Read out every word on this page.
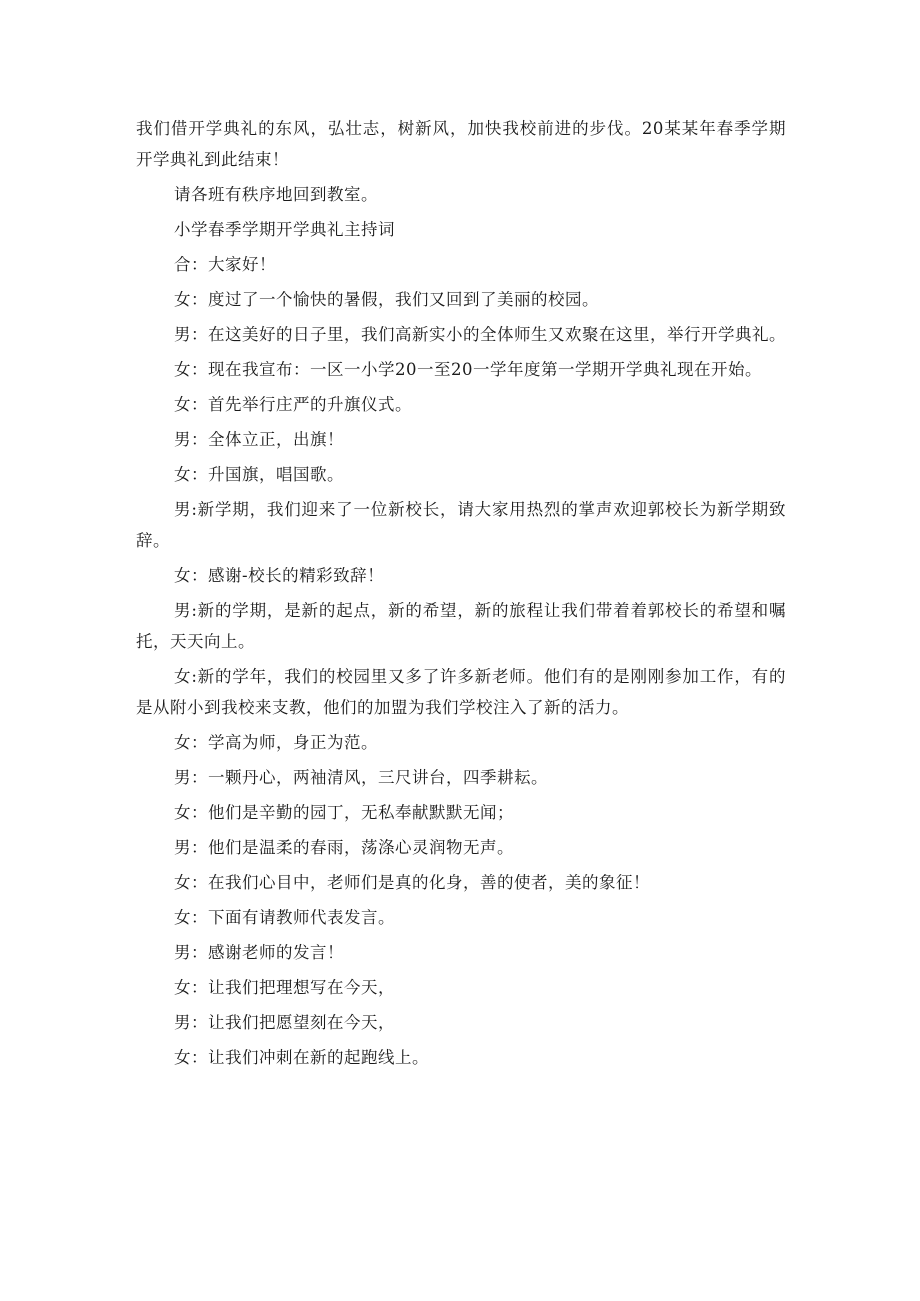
我们借开学典礼的东风，弘壮志，树新风，加快我校前进的步伐。20某某年春季学期开学典礼到此结束！

请各班有秩序地回到教室。

小学春季学期开学典礼主持词

合：大家好！

女：度过了一个愉快的暑假，我们又回到了美丽的校园。

男：在这美好的日子里，我们高新实小的全体师生又欢聚在这里，举行开学典礼。

女：现在我宣布：一区一小学20一至20一学年度第一学期开学典礼现在开始。

女：首先举行庄严的升旗仪式。

男：全体立正，出旗！

女：升国旗，唱国歌。

男:新学期，我们迎来了一位新校长，请大家用热烈的掌声欢迎郭校长为新学期致辞。

女：感谢-校长的精彩致辞！

男:新的学期，是新的起点，新的希望，新的旅程让我们带着着郭校长的希望和嘱托，天天向上。

女:新的学年，我们的校园里又多了许多新老师。他们有的是刚刚参加工作，有的是从附小到我校来支教，他们的加盟为我们学校注入了新的活力。

女：学高为师，身正为范。

男：一颗丹心，两袖清风，三尺讲台，四季耕耘。

女：他们是辛勤的园丁，无私奉献默默无闻；

男：他们是温柔的春雨，荡涤心灵润物无声。

女：在我们心目中，老师们是真的化身，善的使者，美的象征！

女：下面有请教师代表发言。

男：感谢老师的发言！

女：让我们把理想写在今天，

男：让我们把愿望刻在今天，

女：让我们冲刺在新的起跑线上。
